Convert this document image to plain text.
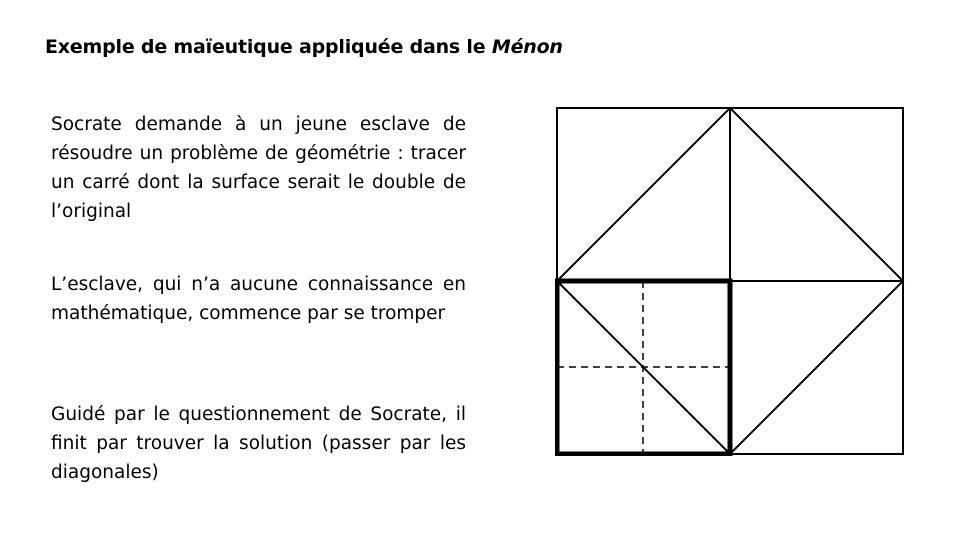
Exemple de maïeutique appliquée dans le Ménon

Socrate demande à un jeune esclave de résoudre un problème de géométrie : tracer un carré dont la surface serait le double de l’original

L’esclave, qui n’a aucune connaissance en mathématique, commence par se tromper

Guidé par le questionnement de Socrate, il finit par trouver la solution (passer par les diagonales)
